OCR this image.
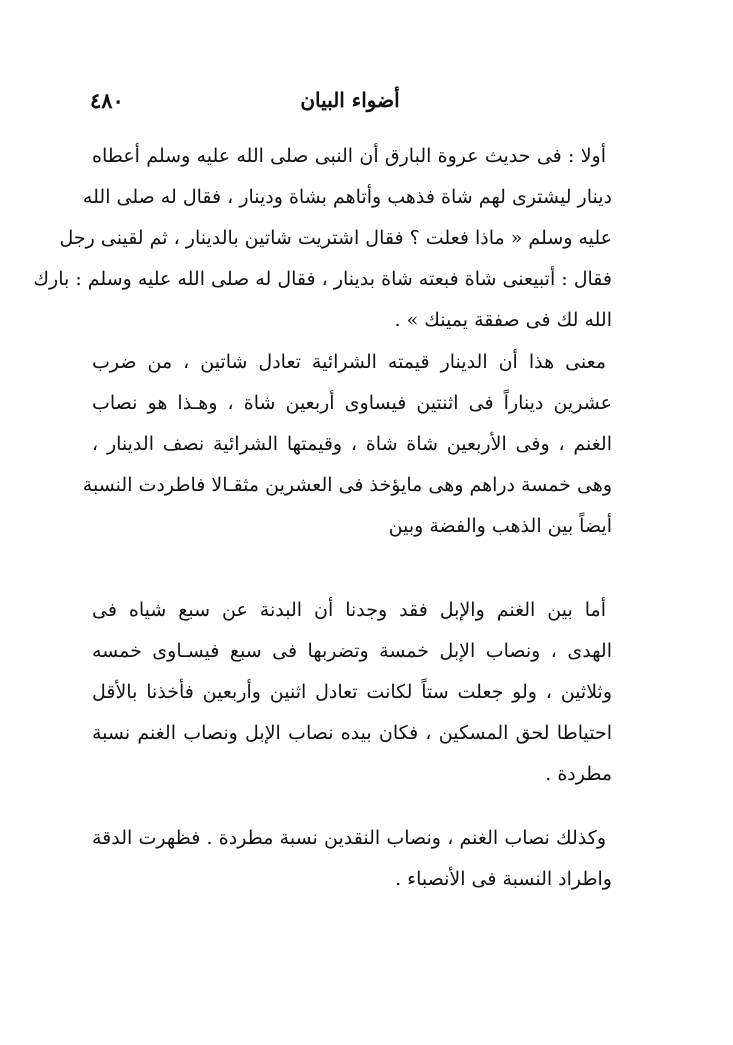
٤٨٠	أضواء البيان

أولا : فى حديث عروة البارق أن النبى صلى الله عليه وسلم أعطاه
دينار ليشترى لهم شاة فذهب وأتاهم بشاة ودينار ، فقال له صلى الله
عليه وسلم « ماذا فعلت ؟ فقال اشتريت شاتين بالدينار ، ثم لقينى رجل
فقال : أتبيعنى شاة فبعته شاة بدينار ، فقال له صلى الله عليه وسلم : بارك
الله لك فى صفقة يمينك » .

معنى هذا أن الدينار قيمته الشرائية تعادل شاتين ، من ضرب
عشرين ديناراً فى اثنتين فيساوى أربعين شاة ، وهـذا هو نصاب
الغنم ، وفى الأربعين شاة شاة ، وقيمتها الشرائية نصف الدينار ،
وهى خمسة دراهم وهى مايؤخذ فى العشرين مثقـالا فاطردت النسبة
أيضاً بين الذهب والفضة وبين

أما بين الغنم والإبل فقد وجدنا أن البدنة عن سبع شياه فى
الهدى ، ونصاب الإبل خمسة وتضربها فى سبع فيسـاوى خمسه
وثلاثين ، ولو جعلت ستاً لكانت تعادل اثنين وأربعين فأخذنا بالأقل
احتياطا لحق المسكين ، فكان بيده نصاب الإبل ونصاب الغنم نسبة
مطردة .

وكذلك نصاب الغنم ، ونصاب النقدين نسبة مطردة . فظهرت الدقة
واطراد النسبة فى الأنصباء .
